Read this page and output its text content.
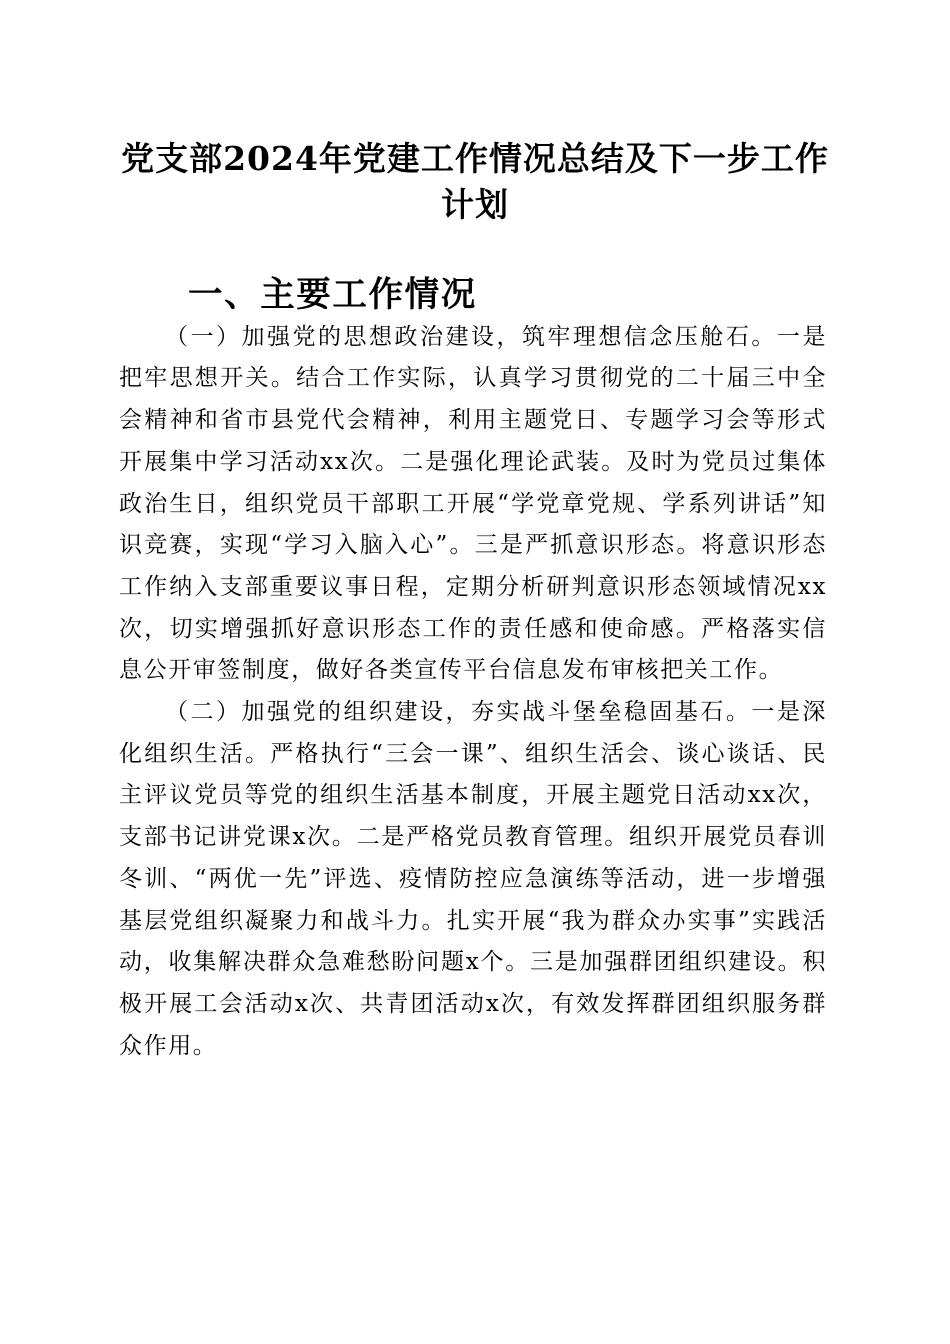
党支部2024年党建工作情况总结及下一步工作计划
一、主要工作情况

（一）加强党的思想政治建设，筑牢理想信念压舱石。一是把牢思想开关。结合工作实际，认真学习贯彻党的二十届三中全会精神和省市县党代会精神，利用主题党日、专题学习会等形式开展集中学习活动xx次。二是强化理论武装。及时为党员过集体政治生日，组织党员干部职工开展“学党章党规、学系列讲话”知识竞赛，实现“学习入脑入心”。三是严抓意识形态。将意识形态工作纳入支部重要议事日程，定期分析研判意识形态领域情况xx次，切实增强抓好意识形态工作的责任感和使命感。严格落实信息公开审签制度，做好各类宣传平台信息发布审核把关工作。

（二）加强党的组织建设，夯实战斗堡垒稳固基石。一是深化组织生活。严格执行“三会一课”、组织生活会、谈心谈话、民主评议党员等党的组织生活基本制度，开展主题党日活动xx次，支部书记讲党课x次。二是严格党员教育管理。组织开展党员春训冬训、“两优一先”评选、疫情防控应急演练等活动，进一步增强基层党组织凝聚力和战斗力。扎实开展“我为群众办实事”实践活动，收集解决群众急难愁盼问题x个。三是加强群团组织建设。积极开展工会活动x次、共青团活动x次，有效发挥群团组织服务群众作用。
